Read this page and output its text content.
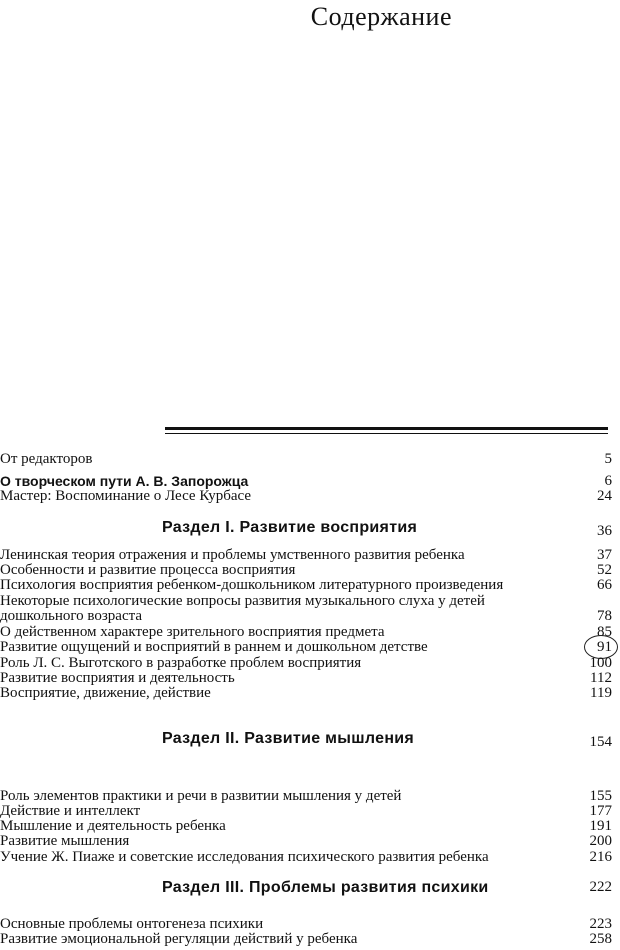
Содержание
От редакторов	5
О творческом пути А. В. Запорожца	6
Мастер: Воспоминание о Лесе Курбасе	24
Раздел I. Развитие восприятия	36
Ленинская теория отражения и проблемы умственного развития ребенка	37
Особенности и развитие процесса восприятия	52
Психология восприятия ребенком-дошкольником литературного произведения	66
Некоторые психологические вопросы развития музыкального слуха у детей
дошкольного возраста	78
О действенном характере зрительного восприятия предмета	85
Развитие ощущений и восприятий в раннем и дошкольном детстве	91
Роль Л. С. Выготского в разработке проблем восприятия	100
Развитие восприятия и деятельность	112
Восприятие, движение, действие	119
Раздел II. Развитие мышления	154
Роль элементов практики и речи в развитии мышления у детей	155
Действие и интеллект	177
Мышление и деятельность ребенка	191
Развитие мышления	200
Учение Ж. Пиаже и советские исследования психического развития ребенка	216
Раздел III. Проблемы развития психики	222
Основные проблемы онтогенеза психики	223
Развитие эмоциональной регуляции действий у ребенка	258
